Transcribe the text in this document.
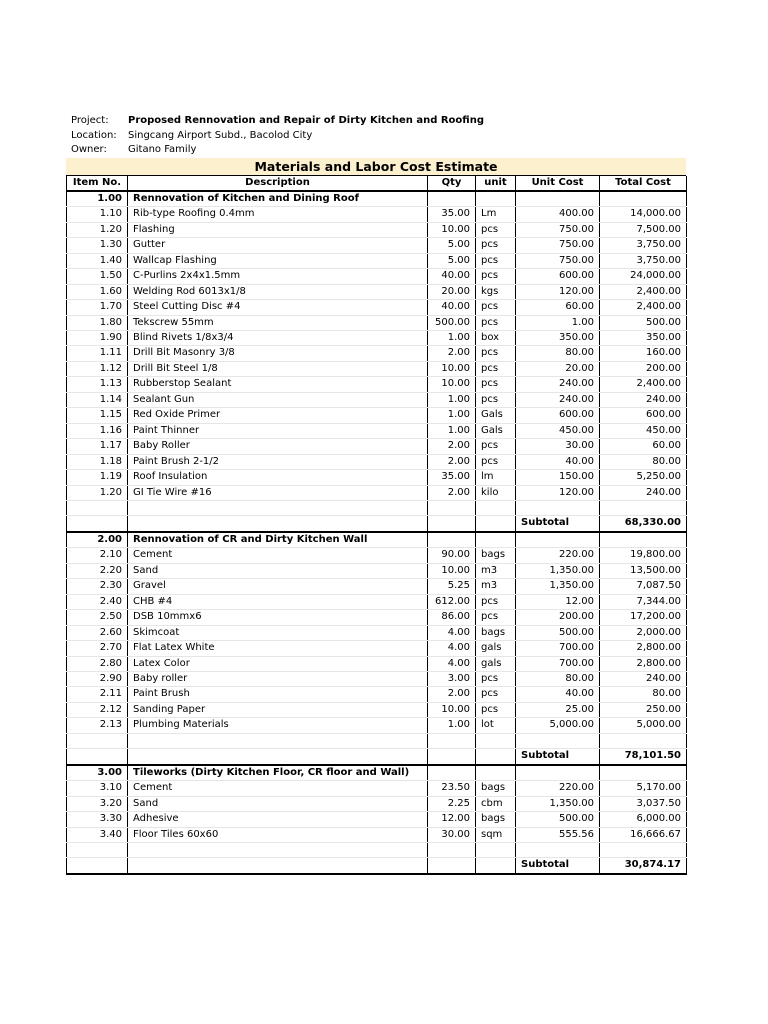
Project:	Proposed Rennovation and Repair of Dirty Kitchen and Roofing
Location:	Singcang Airport Subd., Bacolod City
Owner:	Gitano Family
Materials and Labor Cost Estimate
Item No.	Description	Qty	unit	Unit Cost	Total Cost
1.00	Rennovation of Kitchen and Dining Roof				
1.10	Rib-type Roofing 0.4mm	35.00	Lm	400.00	14,000.00
1.20	Flashing	10.00	pcs	750.00	7,500.00
1.30	Gutter	5.00	pcs	750.00	3,750.00
1.40	Wallcap Flashing	5.00	pcs	750.00	3,750.00
1.50	C-Purlins 2x4x1.5mm	40.00	pcs	600.00	24,000.00
1.60	Welding Rod 6013x1/8	20.00	kgs	120.00	2,400.00
1.70	Steel Cutting Disc #4	40.00	pcs	60.00	2,400.00
1.80	Tekscrew 55mm	500.00	pcs	1.00	500.00
1.90	Blind Rivets 1/8x3/4	1.00	box	350.00	350.00
1.11	Drill Bit Masonry 3/8	2.00	pcs	80.00	160.00
1.12	Drill Bit Steel 1/8	10.00	pcs	20.00	200.00
1.13	Rubberstop Sealant	10.00	pcs	240.00	2,400.00
1.14	Sealant Gun	1.00	pcs	240.00	240.00
1.15	Red Oxide Primer	1.00	Gals	600.00	600.00
1.16	Paint Thinner	1.00	Gals	450.00	450.00
1.17	Baby Roller	2.00	pcs	30.00	60.00
1.18	Paint Brush 2-1/2	2.00	pcs	40.00	80.00
1.19	Roof Insulation	35.00	lm	150.00	5,250.00
1.20	GI Tie Wire #16	2.00	kilo	120.00	240.00

				Subtotal	68,330.00
2.00	Rennovation of CR and Dirty Kitchen Wall				
2.10	Cement	90.00	bags	220.00	19,800.00
2.20	Sand	10.00	m3	1,350.00	13,500.00
2.30	Gravel	5.25	m3	1,350.00	7,087.50
2.40	CHB #4	612.00	pcs	12.00	7,344.00
2.50	DSB 10mmx6	86.00	pcs	200.00	17,200.00
2.60	Skimcoat	4.00	bags	500.00	2,000.00
2.70	Flat Latex White	4.00	gals	700.00	2,800.00
2.80	Latex Color	4.00	gals	700.00	2,800.00
2.90	Baby roller	3.00	pcs	80.00	240.00
2.11	Paint Brush	2.00	pcs	40.00	80.00
2.12	Sanding Paper	10.00	pcs	25.00	250.00
2.13	Plumbing Materials	1.00	lot	5,000.00	5,000.00

				Subtotal	78,101.50
3.00	Tileworks (Dirty Kitchen Floor, CR floor and Wall)				
3.10	Cement	23.50	bags	220.00	5,170.00
3.20	Sand	2.25	cbm	1,350.00	3,037.50
3.30	Adhesive	12.00	bags	500.00	6,000.00
3.40	Floor Tiles 60x60	30.00	sqm	555.56	16,666.67

				Subtotal	30,874.17
